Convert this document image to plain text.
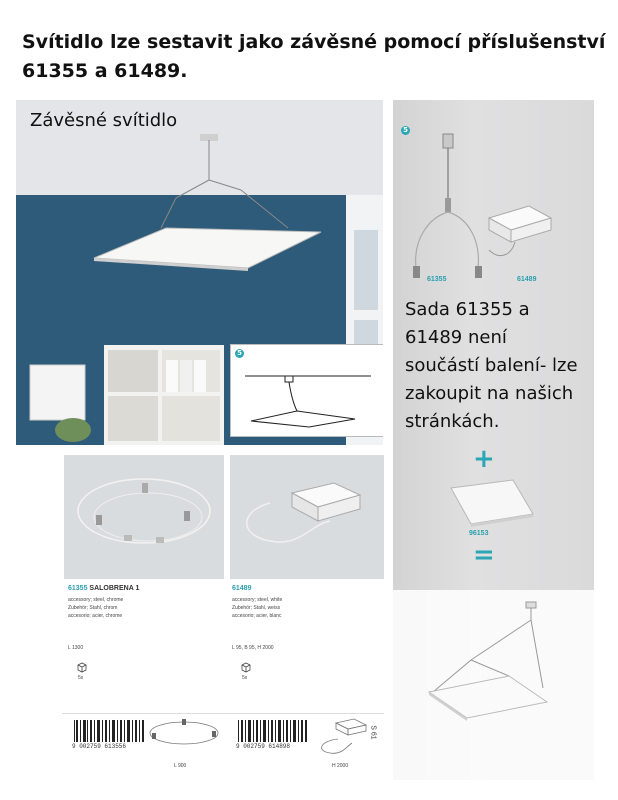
Svítidlo lze sestavit jako závěsné pomocí příslušenství
61355 a 61489.
Závěsné svítidlo
5
5
61355	61489
Sada 61355 a
61489 není
součástí balení- lze
zakoupit na našich
stránkách.
+
96153
=
61355 SALOBRENA 1
accessory; steel, chrome
Zubehör; Stahl, chrom
accesorio; acier, chrome
L 1300
5x
61489
accessory; steel, white
Zubehör; Stahl, weiss
accesorio; acier, blanc
L 95, B 95, H 2000
5x
9 002759 613556
L 900
9 002759 614898
H 2000
S 61
